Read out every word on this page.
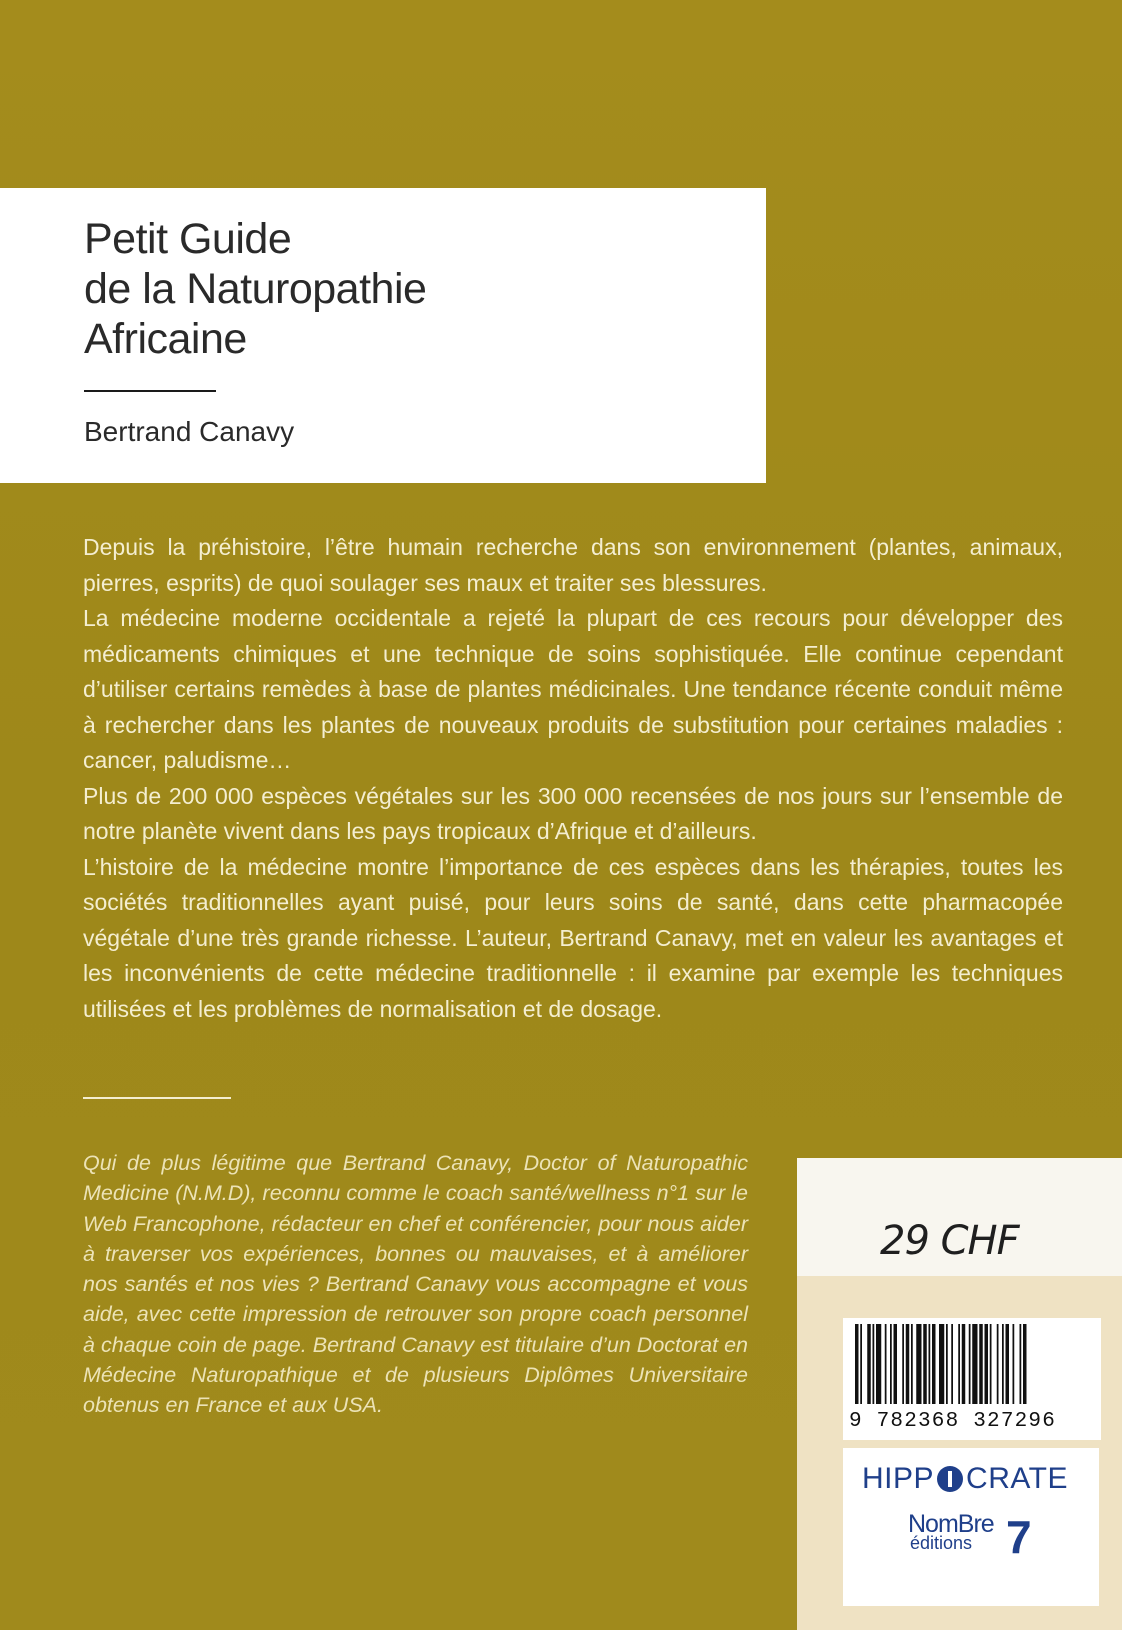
Petit Guide
de la Naturopathie
Africaine
Bertrand Canavy

Depuis la préhistoire, l’être humain recherche dans son environnement (plantes, animaux, pierres, esprits) de quoi soulager ses maux et traiter ses blessures.

La médecine moderne occidentale a rejeté la plupart de ces recours pour développer des médicaments chimiques et une technique de soins sophistiquée. Elle continue cependant d’utiliser certains remèdes à base de plantes médicinales. Une tendance récente conduit même à rechercher dans les plantes de nouveaux produits de substitution pour certaines maladies : cancer, paludisme…

Plus de 200 000 espèces végétales sur les 300 000 recensées de nos jours sur l’ensemble de notre planète vivent dans les pays tropicaux d’Afrique et d’ailleurs.

L’histoire de la médecine montre l’importance de ces espèces dans les thérapies, toutes les sociétés traditionnelles ayant puisé, pour leurs soins de santé, dans cette pharmacopée végétale d’une très grande richesse. L’auteur, Bertrand Canavy, met en valeur les avantages et les inconvénients de cette médecine traditionnelle : il examine par exemple les techniques utilisées et les problèmes de normalisation et de dosage.

Qui de plus légitime que Bertrand Canavy, Doctor of Naturopathic Medicine (N.M.D), reconnu comme le coach santé/wellness n°1 sur le Web Francophone, rédacteur en chef et conférencier, pour nous aider à traverser vos expériences, bonnes ou mauvaises, et à améliorer nos santés et nos vies ? Bertrand Canavy vous accompagne et vous aide, avec cette impression de retrouver son propre coach personnel à chaque coin de page. Bertrand Canavy est titulaire d’un Doctorat en Médecine Naturopathique et de plusieurs Diplômes Universitaire obtenus en France et aux USA.

29 CHF
9 782368 327296
HIPP CRATE
NomBre 7
éditions
